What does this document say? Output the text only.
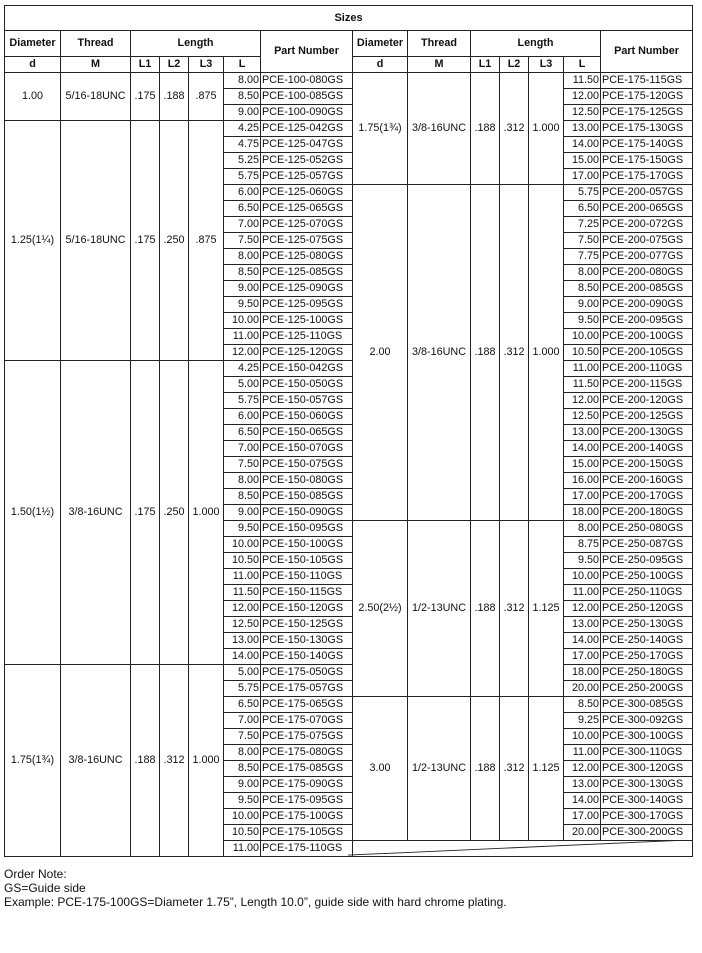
Sizes													
Diameter	Thread	Length				Part Number	Diameter	Thread	Length				Part Number
d	M	L1	L2	L3	L		d	M	L1	L2	L3	L	
1.00	5/16-18UNC	.175	.188	.875	8.00	PCE-100-080GS	1.75(1¾)	3/8-16UNC	.188	.312	1.000	11.50	PCE-175-115GS
					8.50	PCE-100-085GS						12.00	PCE-175-120GS
					9.00	PCE-100-090GS						12.50	PCE-175-125GS
1.25(1¼)	5/16-18UNC	.175	.250	.875	4.25	PCE-125-042GS						13.00	PCE-175-130GS
					4.75	PCE-125-047GS						14.00	PCE-175-140GS
					5.25	PCE-125-052GS						15.00	PCE-175-150GS
					5.75	PCE-125-057GS						17.00	PCE-175-170GS
					6.00	PCE-125-060GS	2.00	3/8-16UNC	.188	.312	1.000	5.75	PCE-200-057GS
					6.50	PCE-125-065GS						6.50	PCE-200-065GS
					7.00	PCE-125-070GS						7.25	PCE-200-072GS
					7.50	PCE-125-075GS						7.50	PCE-200-075GS
					8.00	PCE-125-080GS						7.75	PCE-200-077GS
					8.50	PCE-125-085GS						8.00	PCE-200-080GS
					9.00	PCE-125-090GS						8.50	PCE-200-085GS
					9.50	PCE-125-095GS						9.00	PCE-200-090GS
					10.00	PCE-125-100GS						9.50	PCE-200-095GS
					11.00	PCE-125-110GS						10.00	PCE-200-100GS
					12.00	PCE-125-120GS						10.50	PCE-200-105GS
1.50(1½)	3/8-16UNC	.175	.250	1.000	4.25	PCE-150-042GS						11.00	PCE-200-110GS
					5.00	PCE-150-050GS						11.50	PCE-200-115GS
					5.75	PCE-150-057GS						12.00	PCE-200-120GS
					6.00	PCE-150-060GS						12.50	PCE-200-125GS
					6.50	PCE-150-065GS						13.00	PCE-200-130GS
					7.00	PCE-150-070GS						14.00	PCE-200-140GS
					7.50	PCE-150-075GS						15.00	PCE-200-150GS
					8.00	PCE-150-080GS						16.00	PCE-200-160GS
					8.50	PCE-150-085GS						17.00	PCE-200-170GS
					9.00	PCE-150-090GS						18.00	PCE-200-180GS
					9.50	PCE-150-095GS	2.50(2½)	1/2-13UNC	.188	.312	1.125	8.00	PCE-250-080GS
					10.00	PCE-150-100GS						8.75	PCE-250-087GS
					10.50	PCE-150-105GS						9.50	PCE-250-095GS
					11.00	PCE-150-110GS						10.00	PCE-250-100GS
					11.50	PCE-150-115GS						11.00	PCE-250-110GS
					12.00	PCE-150-120GS						12.00	PCE-250-120GS
					12.50	PCE-150-125GS						13.00	PCE-250-130GS
					13.00	PCE-150-130GS						14.00	PCE-250-140GS
					14.00	PCE-150-140GS						17.00	PCE-250-170GS
1.75(1¾)	3/8-16UNC	.188	.312	1.000	5.00	PCE-175-050GS						18.00	PCE-250-180GS
					5.75	PCE-175-057GS						20.00	PCE-250-200GS
					6.50	PCE-175-065GS	3.00	1/2-13UNC	.188	.312	1.125	8.50	PCE-300-085GS
					7.00	PCE-175-070GS						9.25	PCE-300-092GS
					7.50	PCE-175-075GS						10.00	PCE-300-100GS
					8.00	PCE-175-080GS						11.00	PCE-300-110GS
					8.50	PCE-175-085GS						12.00	PCE-300-120GS
					9.00	PCE-175-090GS						13.00	PCE-300-130GS
					9.50	PCE-175-095GS						14.00	PCE-300-140GS
					10.00	PCE-175-100GS						17.00	PCE-300-170GS
					10.50	PCE-175-105GS						20.00	PCE-300-200GS
					11.00	PCE-175-110GS							
Order Note:
GS=Guide side
Example: PCE-175-100GS=Diameter 1.75”, Length 10.0”, guide side with hard chrome plating.
